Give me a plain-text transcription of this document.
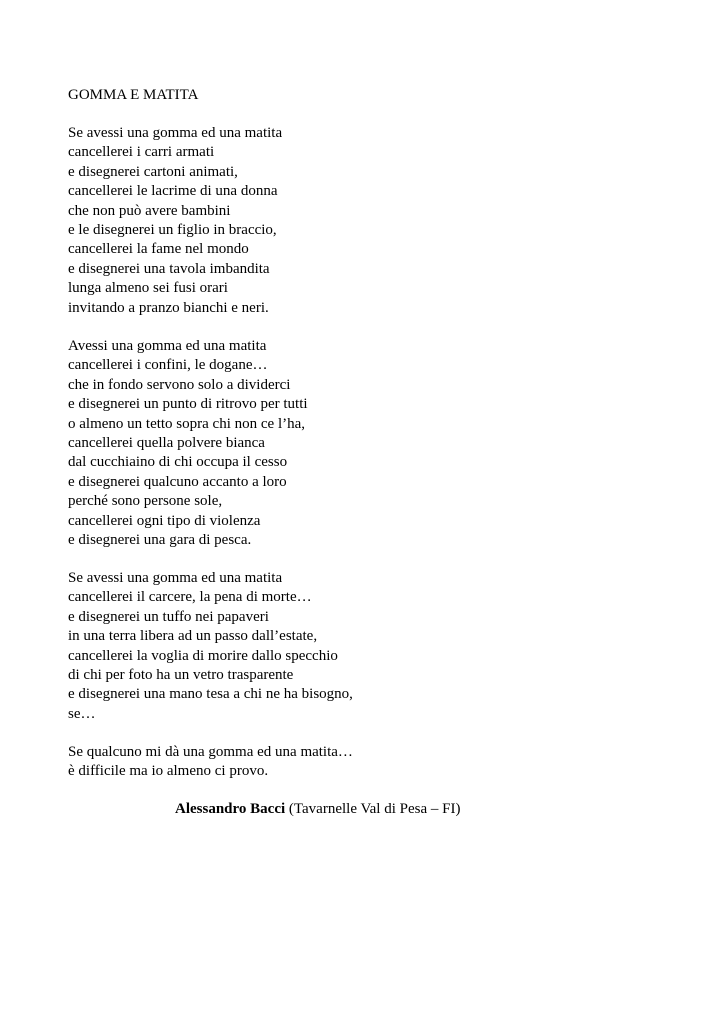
GOMMA E MATITA
Se avessi una gomma ed una matita
cancellerei i carri armati
e disegnerei cartoni animati,
cancellerei le lacrime di una donna
che non può avere bambini
e le disegnerei un figlio in braccio,
cancellerei la fame nel mondo
e disegnerei una tavola imbandita
lunga almeno sei fusi orari
invitando a pranzo bianchi e neri.
Avessi una gomma ed una matita
cancellerei i confini, le dogane…
che in fondo servono solo a dividerci
e disegnerei un punto di ritrovo per tutti
o almeno un tetto sopra chi non ce l’ha,
cancellerei quella polvere bianca
dal cucchiaino di chi occupa il cesso
e disegnerei qualcuno accanto a loro
perché sono persone sole,
cancellerei ogni tipo di violenza
e disegnerei una gara di pesca.
Se avessi una gomma ed una matita
cancellerei il carcere, la pena di morte…
e disegnerei un tuffo nei papaveri
in una terra libera ad un passo dall’estate,
cancellerei la voglia di morire dallo specchio
di chi per foto ha un vetro trasparente
e disegnerei una mano tesa a chi ne ha bisogno,
se…
Se qualcuno mi dà una gomma ed una matita…
è difficile ma io almeno ci provo.
Alessandro Bacci (Tavarnelle Val di Pesa – FI)
